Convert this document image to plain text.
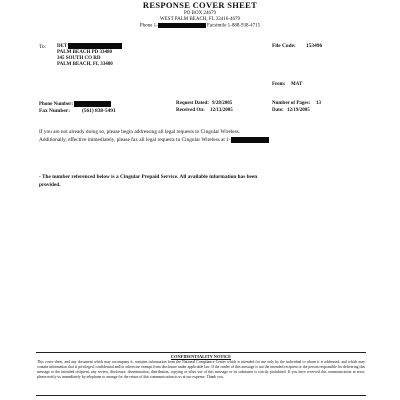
RESPONSE COVER SHEET
PO BOX 24679
WEST PALM BEACH, FL 33416-4679
Phone 1-	Facsimile 1-888-938-4715
To: DET
PALM BEACH PD 33480
345 SOUTH CO RD
PALM BEACH, FL 33480
File Code: 153496
From: MAT
Phone Number:
Fax Number: (561) 838-5491
Request Dated: 9/28/2005
Received On: 12/13/2005
Number of Pages: 13
Date: 12/19/2005
If you are not already doing so, please begin addressing all legal requests to Cingular Wireless.
Additionally, effective immediately, please fax all legal requests to Cingular Wireless at 1-
- The number referenced below is a Cingular Prepaid Service. All available information has been
provided.
CONFIDENTIALITY NOTICE
This cover sheet, and any document which may accompany it, contains information from the National Compliance Center which is intended for use only by the individual to whom it is addressed, and which may contain information that is privileged, confidential and/or otherwise exempt from disclosure under applicable law. If the reader of this message is not the intended recipient or the person responsible for delivering this message to the intended recipient, any review, disclosure, dissemination, distribution, copying or other use of this message or its substance is strictly prohibited. If you have received this communication in error, please notify us immediately by telephone to arrange for the return of this communication to us at our expense. Thank you.
